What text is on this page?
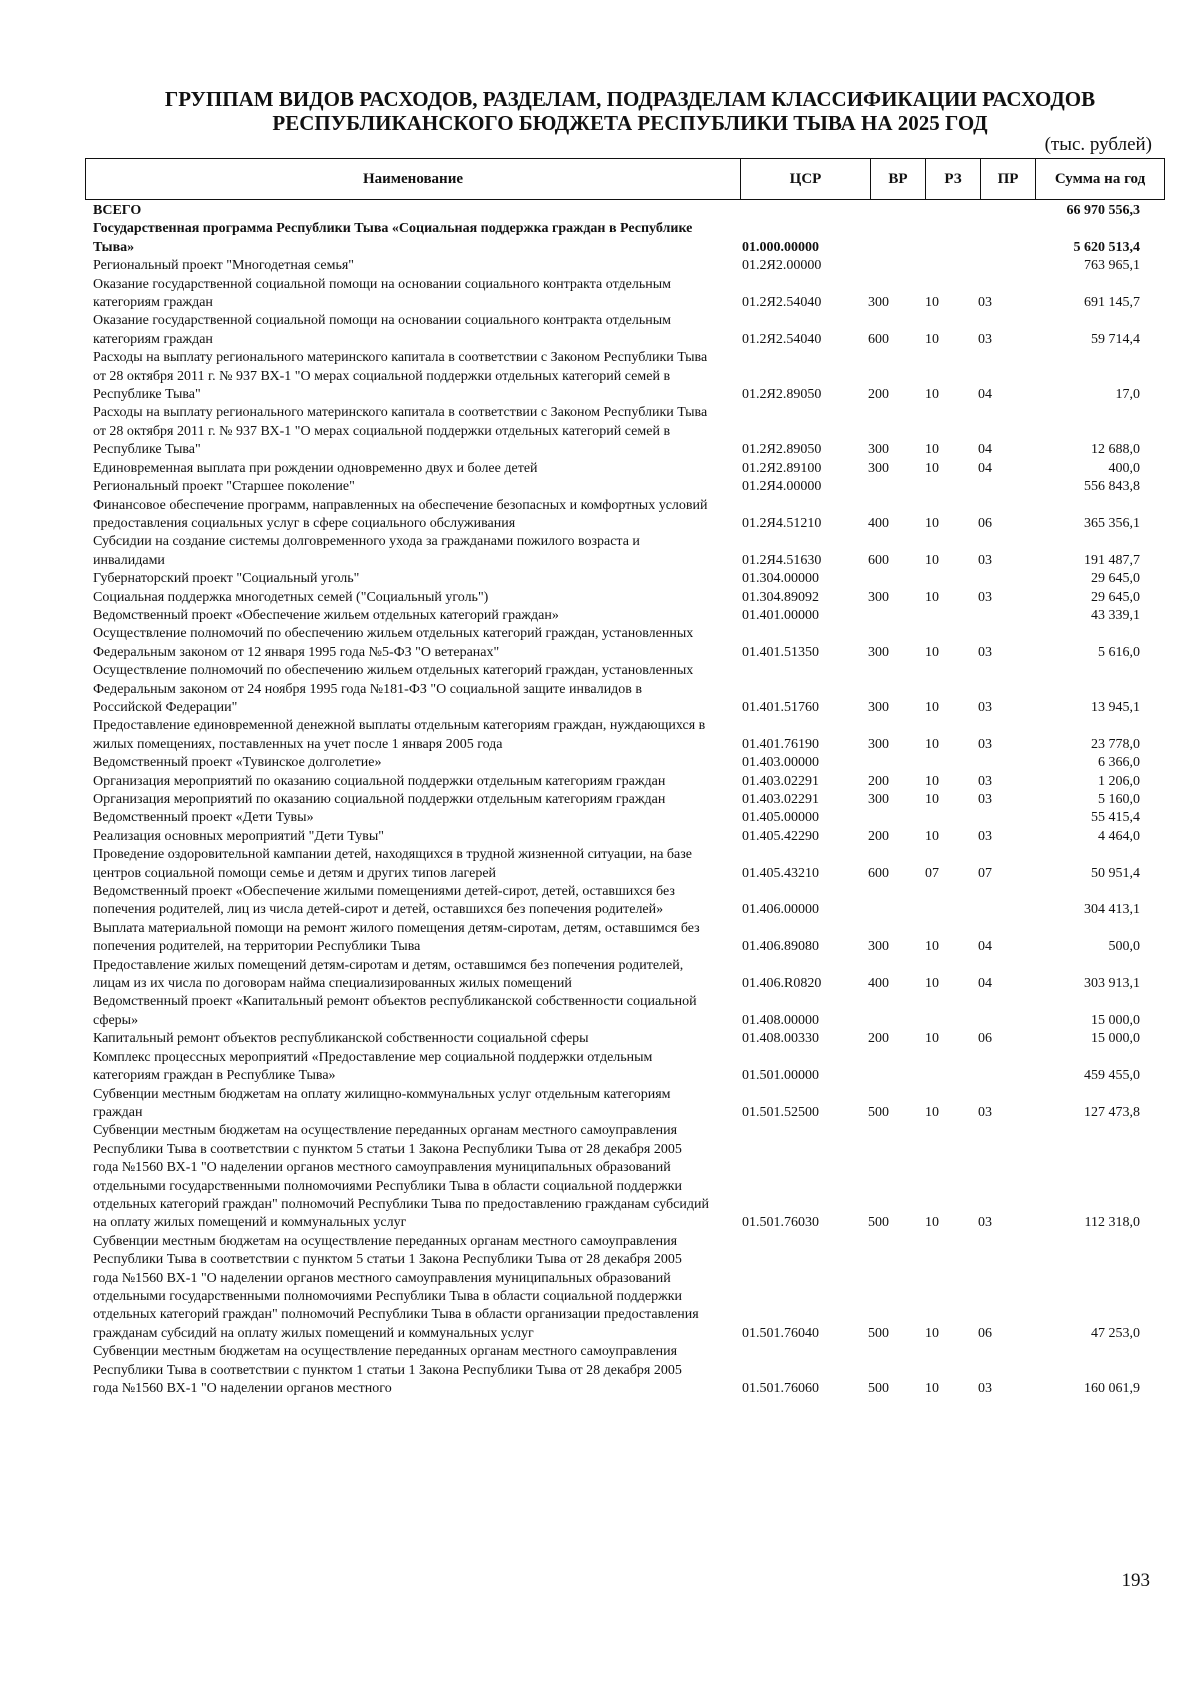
ГРУППАМ ВИДОВ РАСХОДОВ, РАЗДЕЛАМ, ПОДРАЗДЕЛАМ КЛАССИФИКАЦИИ РАСХОДОВ
РЕСПУБЛИКАНСКОГО БЮДЖЕТА РЕСПУБЛИКИ ТЫВА НА 2025 ГОД
(тыс. рублей)
Наименование	ЦСР	ВР	РЗ	ПР	Сумма на год
ВСЕГО	66 970 556,3
Государственная программа Республики Тыва «Социальная поддержка граждан в Республике Тыва»	01.000.00000	5 620 513,4
Региональный проект "Многодетная семья"	01.2Я2.00000	763 965,1
Оказание государственной социальной помощи на основании социального контракта отдельным категориям граждан	01.2Я2.54040	300	10	03	691 145,7
Оказание государственной социальной помощи на основании социального контракта отдельным категориям граждан	01.2Я2.54040	600	10	03	59 714,4
Расходы на выплату регионального материнского капитала в соответствии с Законом Республики Тыва от 28 октября 2011 г. № 937 ВХ-1 "О мерах социальной поддержки отдельных категорий семей в Республике Тыва"	01.2Я2.89050	200	10	04	17,0
Расходы на выплату регионального материнского капитала в соответствии с Законом Республики Тыва от 28 октября 2011 г. № 937 ВХ-1 "О мерах социальной поддержки отдельных категорий семей в Республике Тыва"	01.2Я2.89050	300	10	04	12 688,0
Единовременная выплата при рождении одновременно двух и более детей	01.2Я2.89100	300	10	04	400,0
Региональный проект "Старшее поколение"	01.2Я4.00000	556 843,8
Финансовое обеспечение программ, направленных на обеспечение безопасных и комфортных условий предоставления социальных услуг в сфере социального обслуживания	01.2Я4.51210	400	10	06	365 356,1
Субсидии на создание системы долговременного ухода за гражданами пожилого возраста и инвалидами	01.2Я4.51630	600	10	03	191 487,7
Губернаторский проект "Социальный уголь"	01.304.00000	29 645,0
Социальная поддержка многодетных семей ("Социальный уголь")	01.304.89092	300	10	03	29 645,0
Ведомственный проект «Обеспечение жильем отдельных категорий граждан»	01.401.00000	43 339,1
Осуществление полномочий по обеспечению жильем отдельных категорий граждан, установленных Федеральным законом от 12 января 1995 года №5-ФЗ "О ветеранах"	01.401.51350	300	10	03	5 616,0
Осуществление полномочий по обеспечению жильем отдельных категорий граждан, установленных Федеральным законом от 24 ноября 1995 года №181-ФЗ "О социальной защите инвалидов в Российской Федерации"	01.401.51760	300	10	03	13 945,1
Предоставление единовременной денежной выплаты отдельным категориям граждан, нуждающихся в жилых помещениях, поставленных на учет после 1 января 2005 года	01.401.76190	300	10	03	23 778,0
Ведомственный проект «Тувинское долголетие»	01.403.00000	6 366,0
Организация мероприятий по оказанию социальной поддержки отдельным категориям граждан	01.403.02291	200	10	03	1 206,0
Организация мероприятий по оказанию социальной поддержки отдельным категориям граждан	01.403.02291	300	10	03	5 160,0
Ведомственный проект «Дети Тувы»	01.405.00000	55 415,4
Реализация основных мероприятий "Дети Тувы"	01.405.42290	200	10	03	4 464,0
Проведение оздоровительной кампании детей, находящихся в трудной жизненной ситуации, на базе центров социальной помощи семье и детям и других типов лагерей	01.405.43210	600	07	07	50 951,4
Ведомственный проект «Обеспечение жилыми помещениями детей-сирот, детей, оставшихся без попечения родителей, лиц из числа детей-сирот и детей, оставшихся без попечения родителей»	01.406.00000	304 413,1
Выплата материальной помощи на ремонт жилого помещения детям-сиротам, детям, оставшимся без попечения родителей, на территории Республики Тыва	01.406.89080	300	10	04	500,0
Предоставление жилых помещений детям-сиротам и детям, оставшимся без попечения родителей, лицам из их числа по договорам найма специализированных жилых помещений	01.406.R0820	400	10	04	303 913,1
Ведомственный проект «Капитальный ремонт объектов республиканской собственности социальной сферы»	01.408.00000	15 000,0
Капитальный ремонт объектов республиканской собственности социальной сферы	01.408.00330	200	10	06	15 000,0
Комплекс процессных мероприятий «Предоставление мер социальной поддержки отдельным категориям граждан в Республике Тыва»	01.501.00000	459 455,0
Субвенции местным бюджетам на оплату жилищно-коммунальных услуг отдельным категориям граждан	01.501.52500	500	10	03	127 473,8
Субвенции местным бюджетам на осуществление переданных органам местного самоуправления Республики Тыва в соответствии с пунктом 5 статьи 1 Закона Республики Тыва от 28 декабря 2005 года №1560 ВХ-1 "О наделении органов местного самоуправления муниципальных образований отдельными государственными полномочиями Республики Тыва в области социальной поддержки отдельных категорий граждан" полномочий Республики Тыва по предоставлению гражданам субсидий на оплату жилых помещений и коммунальных услуг	01.501.76030	500	10	03	112 318,0
Субвенции местным бюджетам на осуществление переданных органам местного самоуправления Республики Тыва в соответствии с пунктом 5 статьи 1 Закона Республики Тыва от 28 декабря 2005 года №1560 ВХ-1 "О наделении органов местного самоуправления муниципальных образований отдельными государственными полномочиями Республики Тыва в области социальной поддержки отдельных категорий граждан" полномочий Республики Тыва в области организации предоставления гражданам субсидий на оплату жилых помещений и коммунальных услуг	01.501.76040	500	10	06	47 253,0
Субвенции местным бюджетам на осуществление переданных органам местного самоуправления Республики Тыва в соответствии с пунктом 1 статьи 1 Закона Республики Тыва от 28 декабря 2005 года №1560 ВХ-1 "О наделении органов местного	01.501.76060	500	10	03	160 061,9
193
